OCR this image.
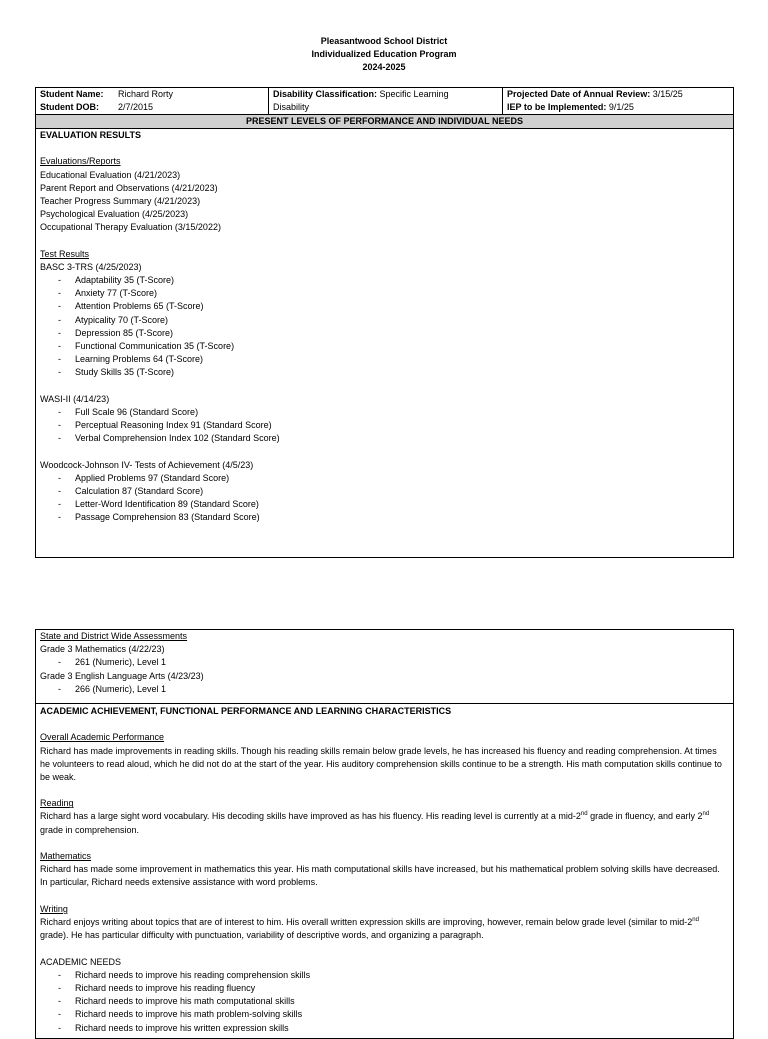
Pleasantwood School District
Individualized Education Program
2024-2025
Student Name: Richard Rorty
Student DOB: 2/7/2015
Disability Classification: Specific Learning
Disability
Projected Date of Annual Review: 3/15/25
IEP to be Implemented: 9/1/25
PRESENT LEVELS OF PERFORMANCE AND INDIVIDUAL NEEDS
EVALUATION RESULTS
Evaluations/Reports
Educational Evaluation (4/21/2023)
Parent Report and Observations (4/21/2023)
Teacher Progress Summary (4/21/2023)
Psychological Evaluation (4/25/2023)
Occupational Therapy Evaluation (3/15/2022)
Test Results
BASC 3-TRS (4/25/2023)
- Adaptability 35 (T-Score)
- Anxiety 77 (T-Score)
- Attention Problems 65 (T-Score)
- Atypicality 70 (T-Score)
- Depression 85 (T-Score)
- Functional Communication 35 (T-Score)
- Learning Problems 64 (T-Score)
- Study Skills 35 (T-Score)
WASI-II (4/14/23)
- Full Scale 96 (Standard Score)
- Perceptual Reasoning Index 91 (Standard Score)
- Verbal Comprehension Index 102 (Standard Score)
Woodcock-Johnson IV- Tests of Achievement (4/5/23)
- Applied Problems 97 (Standard Score)
- Calculation 87 (Standard Score)
- Letter-Word Identification 89 (Standard Score)
- Passage Comprehension 83 (Standard Score)
State and District Wide Assessments
Grade 3 Mathematics (4/22/23)
- 261 (Numeric), Level 1
Grade 3 English Language Arts (4/23/23)
- 266 (Numeric), Level 1
ACADEMIC ACHIEVEMENT, FUNCTIONAL PERFORMANCE AND LEARNING CHARACTERISTICS
Overall Academic Performance
Richard has made improvements in reading skills. Though his reading skills remain below grade levels, he has increased his fluency and reading comprehension. At times he volunteers to read aloud, which he did not do at the start of the year. His auditory comprehension skills continue to be a strength. His math computation skills continue to be weak.
Reading
Richard has a large sight word vocabulary. His decoding skills have improved as has his fluency. His reading level is currently at a mid-2nd grade in fluency, and early 2nd grade in comprehension.
Mathematics
Richard has made some improvement in mathematics this year. His math computational skills have increased, but his mathematical problem solving skills have decreased. In particular, Richard needs extensive assistance with word problems.
Writing
Richard enjoys writing about topics that are of interest to him. His overall written expression skills are improving, however, remain below grade level (similar to mid-2nd grade). He has particular difficulty with punctuation, variability of descriptive words, and organizing a paragraph.
ACADEMIC NEEDS
- Richard needs to improve his reading comprehension skills
- Richard needs to improve his reading fluency
- Richard needs to improve his math computational skills
- Richard needs to improve his math problem-solving skills
- Richard needs to improve his written expression skills
